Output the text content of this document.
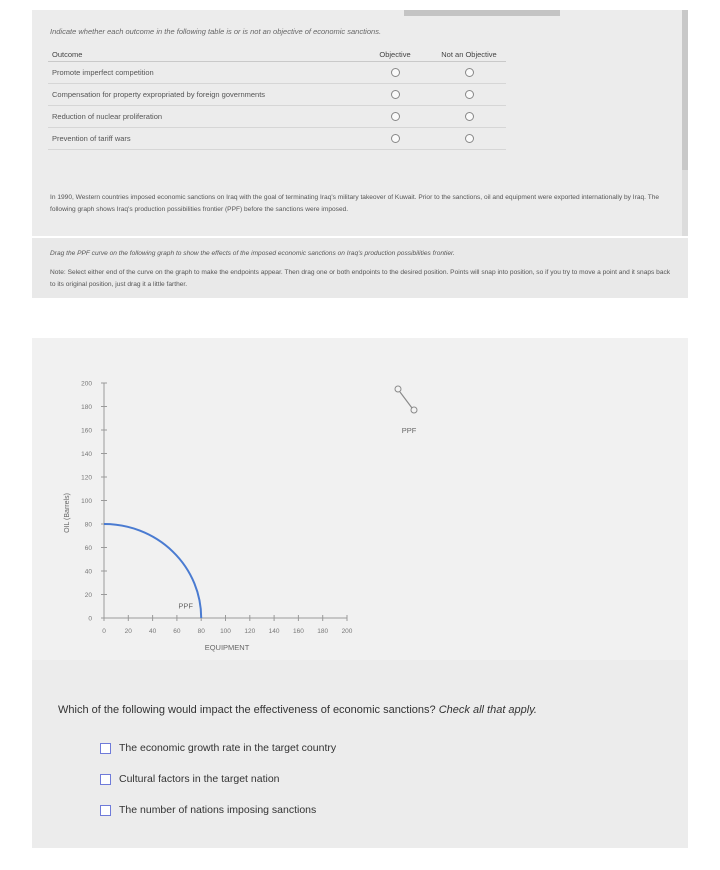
Indicate whether each outcome in the following table is or is not an objective of economic sanctions.
Outcome	Objective	Not an Objective
Promote imperfect competition		
Compensation for property expropriated by foreign governments		
Reduction of nuclear proliferation		
Prevention of tariff wars		
In 1990, Western countries imposed economic sanctions on Iraq with the goal of terminating Iraq's military takeover of Kuwait. Prior to the sanctions, oil and equipment were exported internationally by Iraq. The following graph shows Iraq's production possibilities frontier (PPF) before the sanctions were imposed.
Drag the PPF curve on the following graph to show the effects of the imposed economic sanctions on Iraq's production possibilities frontier.
Note: Select either end of the curve on the graph to make the endpoints appear. Then drag one or both endpoints to the desired position. Points will snap into position, so if you try to move a point and it snaps back to its original position, just drag it a little farther.
0
20
40
60
80
100
120
140
160
180
200
0	20	40	60	80 100 120 140 160 180 200
OIL (Barrels)
EQUIPMENT
PPF
PPF
Which of the following would impact the effectiveness of economic sanctions? Check all that apply.
The economic growth rate in the target country
Cultural factors in the target nation
The number of nations imposing sanctions
